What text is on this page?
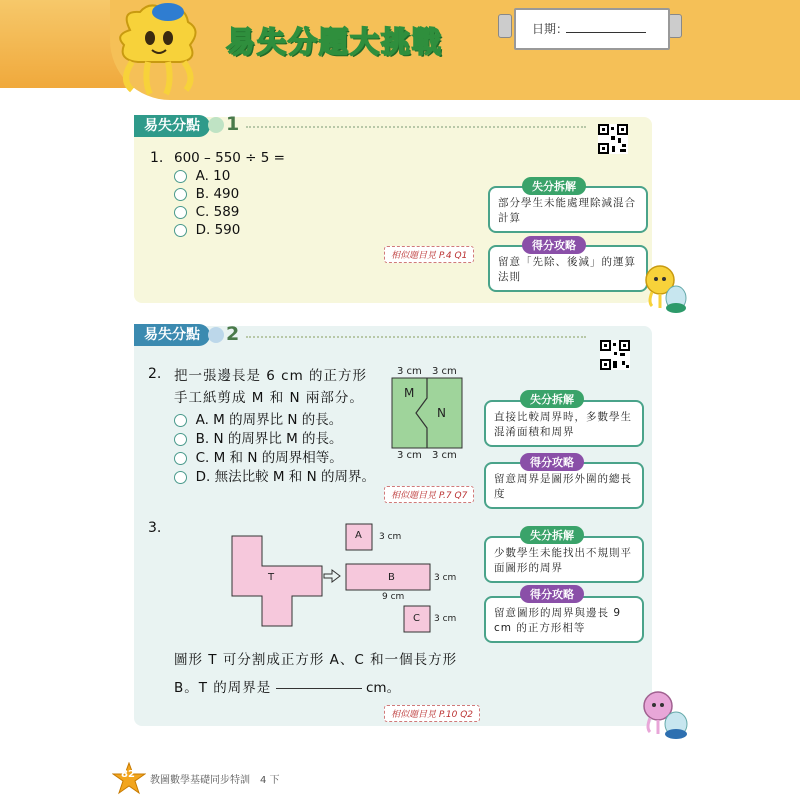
易失分題大挑戰	日期：
易失分點	1
1. 600 – 550 ÷ 5 =
A. 10
B. 490
C. 589
D. 590
相似題目見 P.4 Q1
部分學生未能處理除減混合計算
失分拆解
留意「先除、後減」的運算法則
得分攻略
易失分點	2
2. 把一張邊長是 6 cm 的正方形
手工紙剪成 M 和 N 兩部分。
A. M 的周界比 N 的長。
B. N 的周界比 M 的長。
C. M 和 N 的周界相等。
D. 無法比較 M 和 N 的周界。
3 cm 3 cm
3 cm 3 cm
M
N
相似題目見 P.7 Q7
直接比較周界時，多數學生混淆面積和周界
失分拆解
留意周界是圖形外圍的總長度
得分攻略
3.
T
A
B
C
3 cm
3 cm
9 cm
3 cm
圖形 T 可分割成正方形 A、C 和一個長方形
B。T 的周界是	cm。
相似題目見 P.10 Q2
少數學生未能找出不規則平面圖形的周界
失分拆解
留意圖形的周界與邊長 9 cm 的正方形相等
得分攻略
82
教圖數學基礎同步特訓　4 下
